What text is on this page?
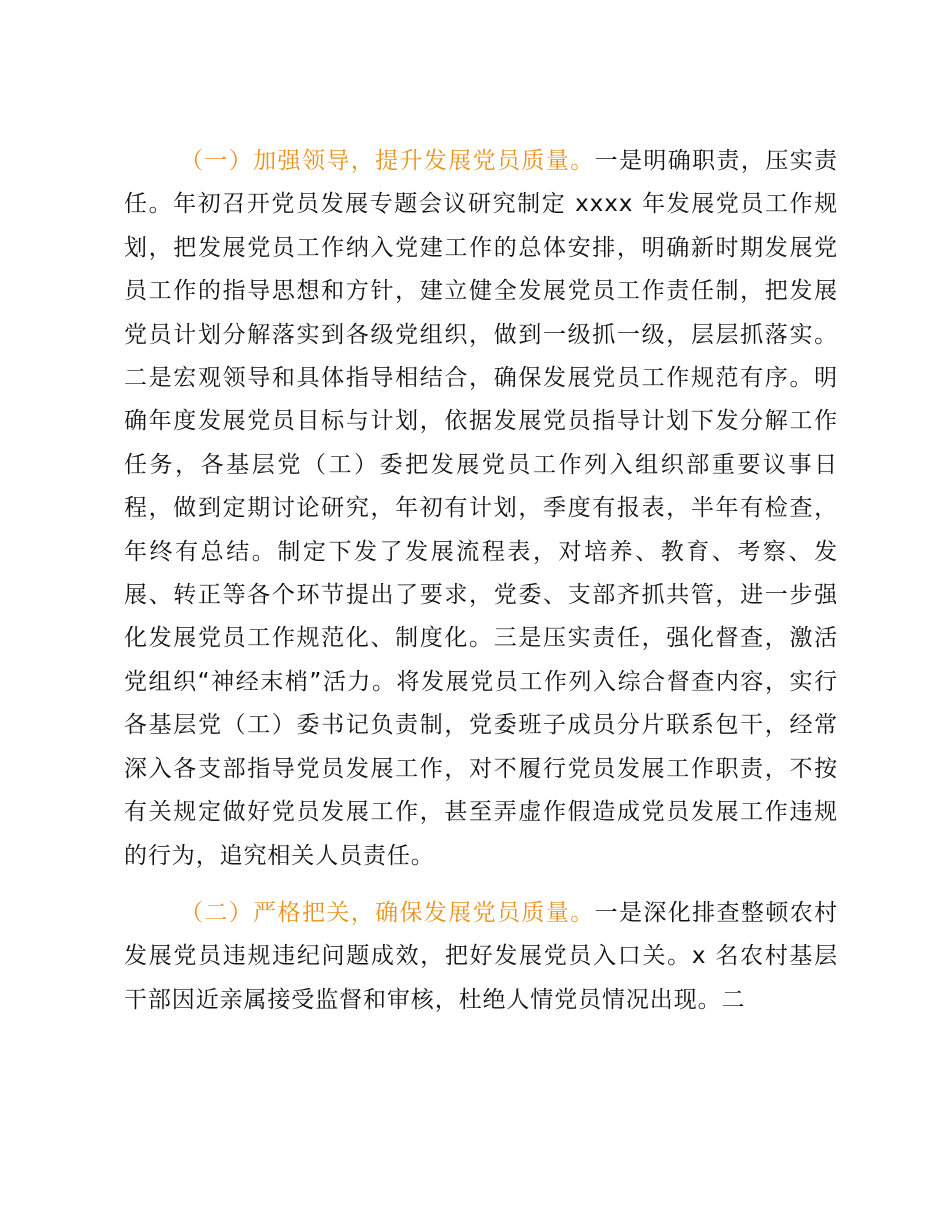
（一）加强领导，提升发展党员质量。一是明确职责，压实责任。年初召开党员发展专题会议研究制定 xxxx 年发展党员工作规划，把发展党员工作纳入党建工作的总体安排，明确新时期发展党员工作的指导思想和方针，建立健全发展党员工作责任制，把发展党员计划分解落实到各级党组织，做到一级抓一级，层层抓落实。二是宏观领导和具体指导相结合，确保发展党员工作规范有序。明确年度发展党员目标与计划，依据发展党员指导计划下发分解工作任务，各基层党（工）委把发展党员工作列入组织部重要议事日程，做到定期讨论研究，年初有计划，季度有报表，半年有检查，年终有总结。制定下发了发展流程表，对培养、教育、考察、发展、转正等各个环节提出了要求，党委、支部齐抓共管，进一步强化发展党员工作规范化、制度化。三是压实责任，强化督查，激活党组织“神经末梢”活力。将发展党员工作列入综合督查内容，实行各基层党（工）委书记负责制，党委班子成员分片联系包干，经常深入各支部指导党员发展工作，对不履行党员发展工作职责，不按有关规定做好党员发展工作，甚至弄虚作假造成党员发展工作违规的行为，追究相关人员责任。

（二）严格把关，确保发展党员质量。一是深化排查整顿农村发展党员违规违纪问题成效，把好发展党员入口关。x 名农村基层干部因近亲属接受监督和审核，杜绝人情党员情况出现。二
